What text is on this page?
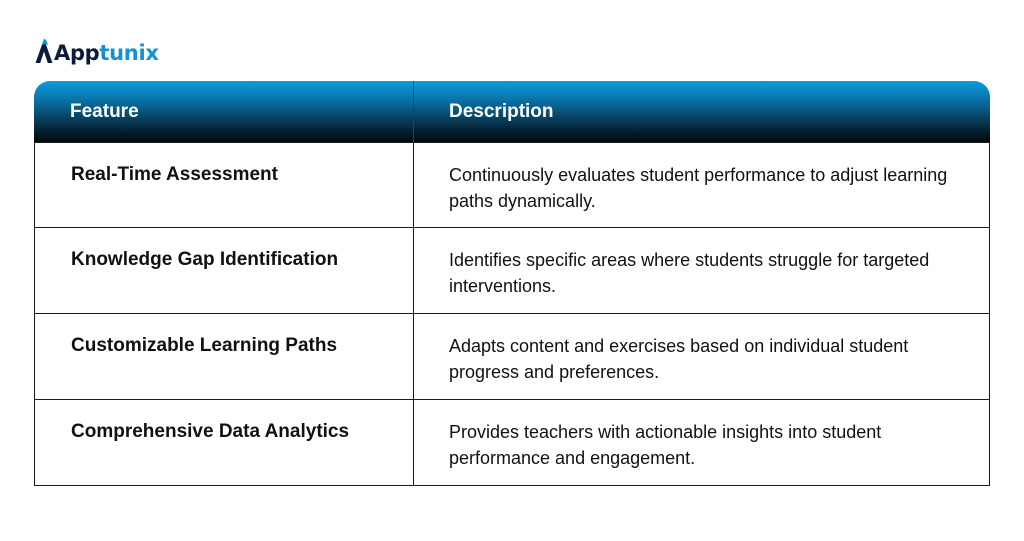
App tunix
Feature	Description
Real-Time Assessment	Continuously evaluates student performance to adjust learning paths dynamically.
Knowledge Gap Identification	Identifies specific areas where students struggle for targeted interventions.
Customizable Learning Paths	Adapts content and exercises based on individual student progress and preferences.
Comprehensive Data Analytics	Provides teachers with actionable insights into student performance and engagement.
